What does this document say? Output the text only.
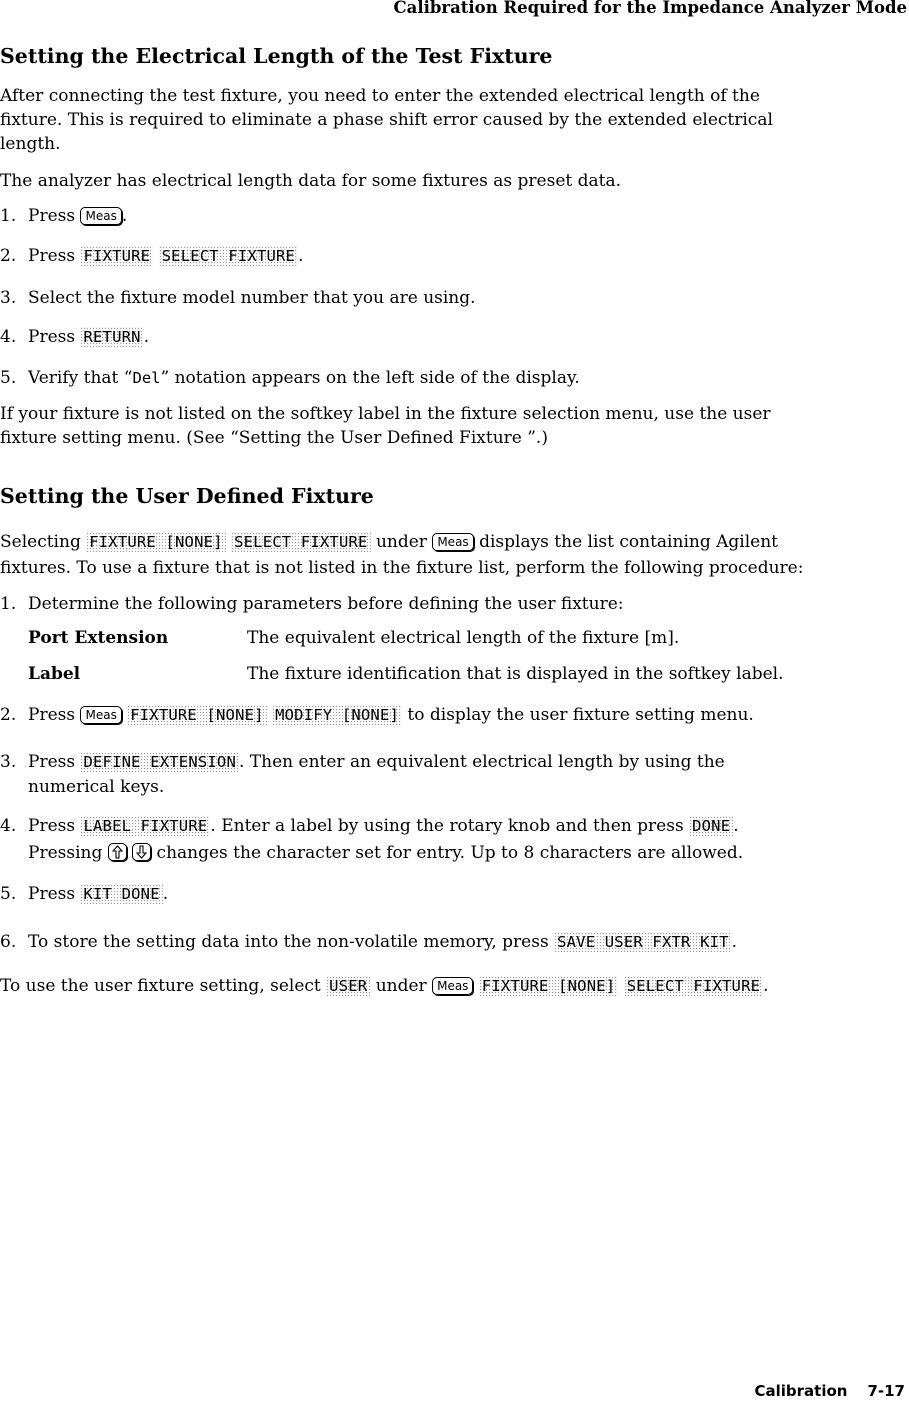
Calibration Required for the Impedance Analyzer Mode
Setting the Electrical Length of the Test Fixture

After connecting the test fixture, you need to enter the extended electrical length of the

fixture. This is required to eliminate a phase shift error caused by the extended electrical

length.

The analyzer has electrical length data for some fixtures as preset data.

1. Press Meas .

2. Press FIXTURE SELECT FIXTURE .

3. Select the fixture model number that you are using.

4. Press RETURN .

5. Verify that “Del” notation appears on the left side of the display.

If your fixture is not listed on the softkey label in the fixture selection menu, use the user

fixture setting menu. (See “Setting the User Defined Fixture ”.)

Setting the User Defined Fixture

Selecting FIXTURE [NONE] SELECT FIXTURE under Meas displays the list containing Agilent

fixtures. To use a fixture that is not listed in the fixture list, perform the following procedure:

1. Determine the following parameters before defining the user fixture:

Port Extension	The equivalent electrical length of the fixture [m].
Label	The fixture identification that is displayed in the softkey label.

2. Press Meas FIXTURE [NONE] MODIFY [NONE] to display the user fixture setting menu.

3. Press DEFINE EXTENSION . Then enter an equivalent electrical length by using the

numerical keys.

4. Press LABEL FIXTURE . Enter a label by using the rotary knob and then press DONE .

Pressing
	changes the character set for entry. Up to 8 characters are allowed.

5. Press KIT DONE .

6. To store the setting data into the non-volatile memory, press SAVE USER FXTR KIT .

To use the user fixture setting, select USER under Meas FIXTURE [NONE] SELECT FIXTURE .

Calibration 7-17
